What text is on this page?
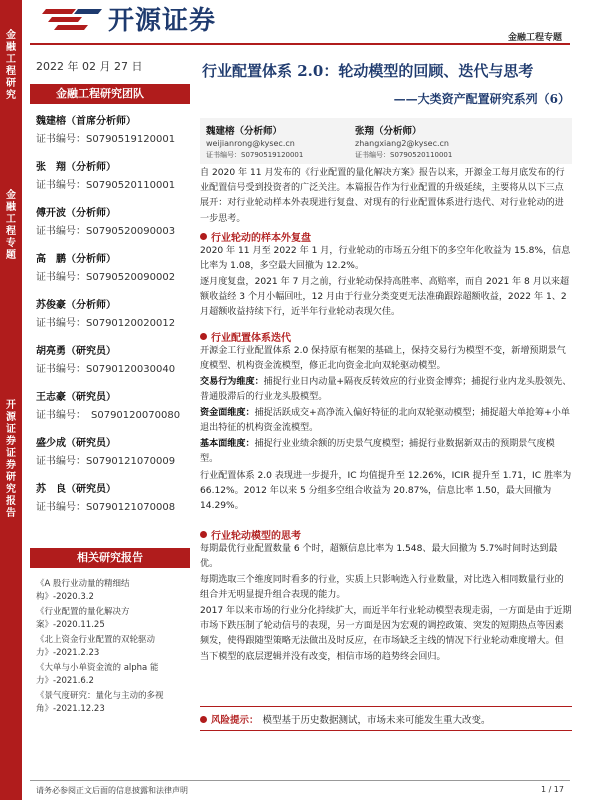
金融工程研究
金融工程专题
开源证券 证券研究报告
开源证券
金融工程专题
2022 年 02 月 27 日
金融工程研究团队
魏建榕（首席分析师）
证书编号：S0790519120001
张　翔（分析师）
证书编号：S0790520110001
傅开波（分析师）
证书编号：S0790520090003
高　鹏（分析师）
证书编号：S0790520090002
苏俊豪（分析师）
证书编号：S0790120020012
胡亮勇（研究员）
证书编号：S0790120030040
王志豪（研究员）
证书编号：　S0790120070080
盛少成（研究员）
证书编号：S0790121070009
苏　良（研究员）
证书编号：S0790121070008
相关研究报告
《A 股行业动量的精细结构》-2020.3.2
《行业配置的量化解决方案》-2020.11.25
《北上资金行业配置的双轮驱动力》-2021.2.23
《大单与小单资金流的 alpha 能力》-2021.6.2
《景气度研究：量化与主动的多视角》-2021.12.23
行业配置体系 2.0：轮动模型的回顾、迭代与思考
——大类资产配置研究系列（6）
魏建榕（分析师）
weijianrong@kysec.cn
证书编号：S0790519120001
张翔（分析师）
zhangxiang2@kysec.cn
证书编号：S0790520110001
自 2020 年 11 月发布的《行业配置的量化解决方案》报告以来，开源金工每月底发布的行业配置信号受到投资者的广泛关注。本篇报告作为行业配置的升级延续，主要将从以下三点展开：对行业轮动样本外表现进行复盘、对现有的行业配置体系进行迭代、对行业轮动的进一步思考。
行业轮动的样本外复盘
2020 年 11 月至 2022 年 1 月，行业轮动的市场五分组下的多空年化收益为 15.8%，信息比率为 1.08，多空最大回撤为 12.2%。
逐月度复盘，2021 年 7 月之前，行业轮动保持高胜率、高赔率，而自 2021 年 8 月以来超额收益经 3 个月小幅回吐，12 月由于行业分类变更无法准确跟踪超额收益，2022 年 1、2 月超额收益持续下行，近半年行业轮动表现欠佳。
行业配置体系迭代
开源金工行业配置体系 2.0 保持原有框架的基础上，保持交易行为模型不变，新增预期景气度模型、机构资金流模型，修正北向资金北向双轮驱动模型。
交易行为维度：捕捉行业日内动量+隔夜反转效应的行业资金博弈；捕捉行业内龙头股领先、普通股滞后的行业龙头股模型。
资金面维度：捕捉活跃成交+高净流入偏好特征的北向双轮驱动模型；捕捉超大单抢筹+小单退出特征的机构资金流模型。
基本面维度：捕捉行业业绩余额的历史景气度模型；捕捉行业数据新双击的预期景气度模型。
行业配置体系 2.0 表现进一步提升，IC 均值提升至 12.26%，ICIR 提升至 1.71，IC 胜率为 66.12%。2012 年以来 5 分组多空组合收益为 20.87%，信息比率 1.50，最大回撤为 14.29%。
行业轮动模型的思考
每期最优行业配置数量 6 个时，超额信息比率为 1.548、最大回撤为 5.7%时间时达到最优。
每期选取三个维度同时看多的行业，实质上只影响选入行业数量，对比选入相同数量行业的组合并无明显提升组合表现的能力。
2017 年以来市场的行业分化持续扩大，而近半年行业轮动模型表现走弱，一方面是由于近期市场下跌压制了轮动信号的表现，另一方面是因为宏观的调控政策、突发的短期热点等因素频发，使得跟随型策略无法做出及时反应，在市场缺乏主线的情况下行业轮动难度增大。但当下模型的底层逻辑并没有改变，相信市场的趋势终会回归。
风险提示： 模型基于历史数据测试，市场未来可能发生重大改变。
请务必参阅正文后面的信息披露和法律声明	1 / 17
